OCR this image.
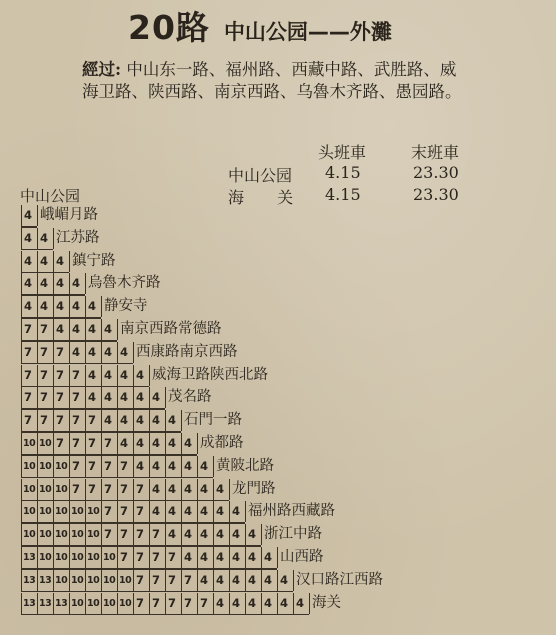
20路 中山公园——外灘
經过: 中山东一路、福州路、西藏中路、武胜路、威海卫路、陕西路、南京西路、乌魯木齐路、愚园路。
头班車	末班車
中山公园 4.15	23.30
海 关 4.15	23.30
中山公园
4 峨嵋月路
4 4 江苏路
4 4 4 鎮宁路
4 4 4 4 烏魯木齐路
4 4 4 4 4 静安寺
7 7 4 4 4 4 南京西路常德路
7 7 7 4 4 4 4 西康路南京西路
7 7 7 7 4 4 4 4 威海卫路陕西北路
7 7 7 7 4 4 4 4 4 茂名路
7 7 7 7 7 4 4 4 4 4 石門一路
10 10 7 7 7 7 4 4 4 4 4 成都路
10 10 10 7 7 7 7 4 4 4 4 4 黄陂北路
10 10 10 7 7 7 7 7 4 4 4 4 4 龙門路
10 10 10 10 10 7 7 7 4 4 4 4 4 4 福州路西藏路
10 10 10 10 10 7 7 7 7 4 4 4 4 4 4 浙江中路
13 10 10 10 10 10 7 7 7 7 4 4 4 4 4 4 山西路
13 13 10 10 10 10 10 7 7 7 7 4 4 4 4 4 4 汉口路江西路
13 13 13 10 10 10 10 7 7 7 7 7 4 4 4 4 4 4 海关
